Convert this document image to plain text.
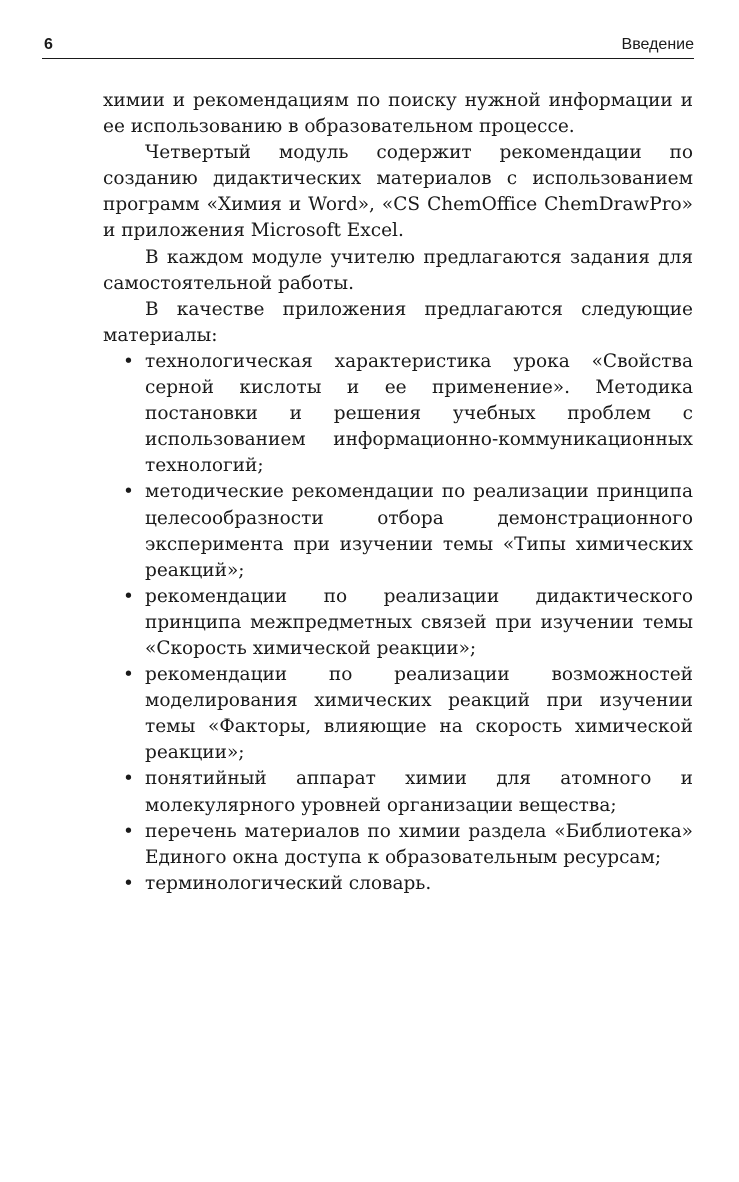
6	Введение

химии и рекомендациям по поиску нужной информации и ее использованию в образовательном процессе.

Четвертый модуль содержит рекомендации по созданию дидактических материалов с использованием программ «Химия и Word», «CS ChemOffice ChemDrawPro» и приложения Microsoft Excel.

В каждом модуле учителю предлагаются задания для самостоятельной работы.

В качестве приложения предлагаются следующие материалы:

• технологическая характеристика урока «Свойства серной кислоты и ее применение». Методика постановки и решения учебных проблем с использованием информационно-коммуникационных технологий;
• методические рекомендации по реализации принципа целесообразности отбора демонстрационного эксперимента при изучении темы «Типы химических реакций»;
• рекомендации по реализации дидактического принципа межпредметных связей при изучении темы «Скорость химической реакции»;
• рекомендации по реализации возможностей моделирования химических реакций при изучении темы «Факторы, влияющие на скорость химической реакции»;
• понятийный аппарат химии для атомного и молекулярного уровней организации вещества;
• перечень материалов по химии раздела «Библиотека» Единого окна доступа к образовательным ресурсам;
• терминологический словарь.
